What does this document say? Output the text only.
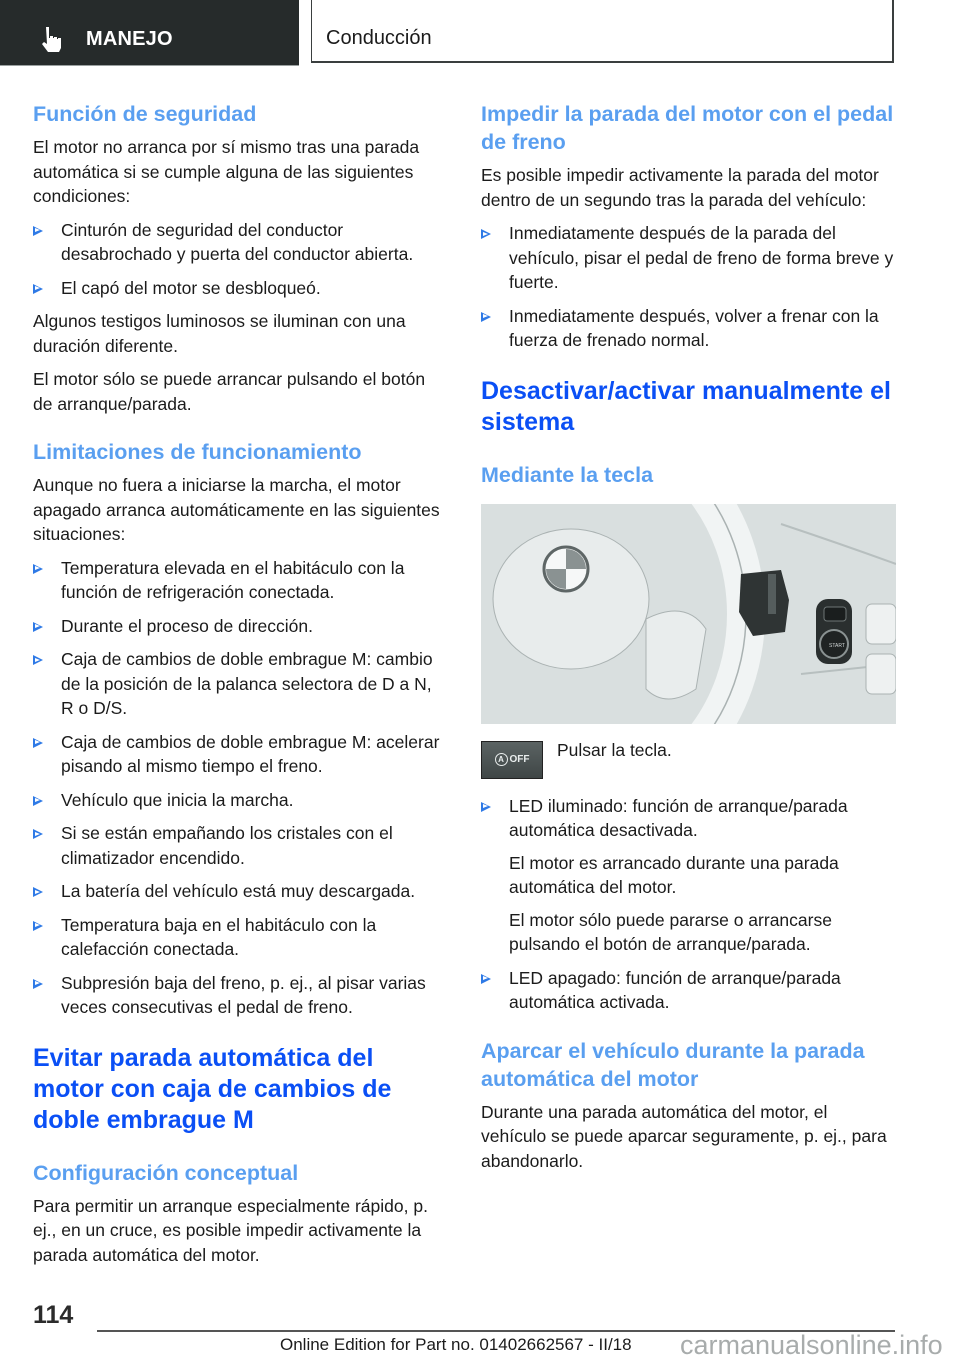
MANEJO	Conducción
Función de seguridad

El motor no arranca por sí mismo tras una parada automática si se cumple alguna de las siguientes condiciones:

Cinturón de seguridad del conductor desabrochado y puerta del conductor abierta.
El capó del motor se desbloqueó.

Algunos testigos luminosos se iluminan con una duración diferente.

El motor sólo se puede arrancar pulsando el botón de arranque/parada.

Limitaciones de funcionamiento

Aunque no fuera a iniciarse la marcha, el motor apagado arranca automáticamente en las siguientes situaciones:

Temperatura elevada en el habitáculo con la función de refrigeración conectada.
Durante el proceso de dirección.
Caja de cambios de doble embrague M: cambio de la posición de la palanca selectora de D a N, R o D/S.
Caja de cambios de doble embrague M: acelerar pisando al mismo tiempo el freno.
Vehículo que inicia la marcha.
Si se están empañando los cristales con el climatizador encendido.
La batería del vehículo está muy descargada.
Temperatura baja en el habitáculo con la calefacción conectada.
Subpresión baja del freno, p. ej., al pisar varias veces consecutivas el pedal de freno.
Evitar parada automática del motor con caja de cambios de doble embrague M
Configuración conceptual

Para permitir un arranque especialmente rápido, p. ej., en un cruce, es posible impedir activamente la parada automática del motor.

Impedir la parada del motor con el pedal de freno

Es posible impedir activamente la parada del motor dentro de un segundo tras la parada del vehículo:

Inmediatamente después de la parada del vehículo, pisar el pedal de freno de forma breve y fuerte.
Inmediatamente después, volver a frenar con la fuerza de frenado normal.
Desactivar/activar manualmente el sistema
Mediante la tecla
START
A OFF Pulsar la tecla.
LED iluminado: función de arranque/parada automática desactivada.
El motor es arrancado durante una parada automática del motor.
El motor sólo puede pararse o arrancarse pulsando el botón de arranque/parada.
LED apagado: función de arranque/parada automática activada.
Aparcar el vehículo durante la parada automática del motor

Durante una parada automática del motor, el vehículo se puede aparcar seguramente, p. ej., para abandonarlo.

114
Online Edition for Part no. 01402662567 - II/18 carmanualsonline.info
